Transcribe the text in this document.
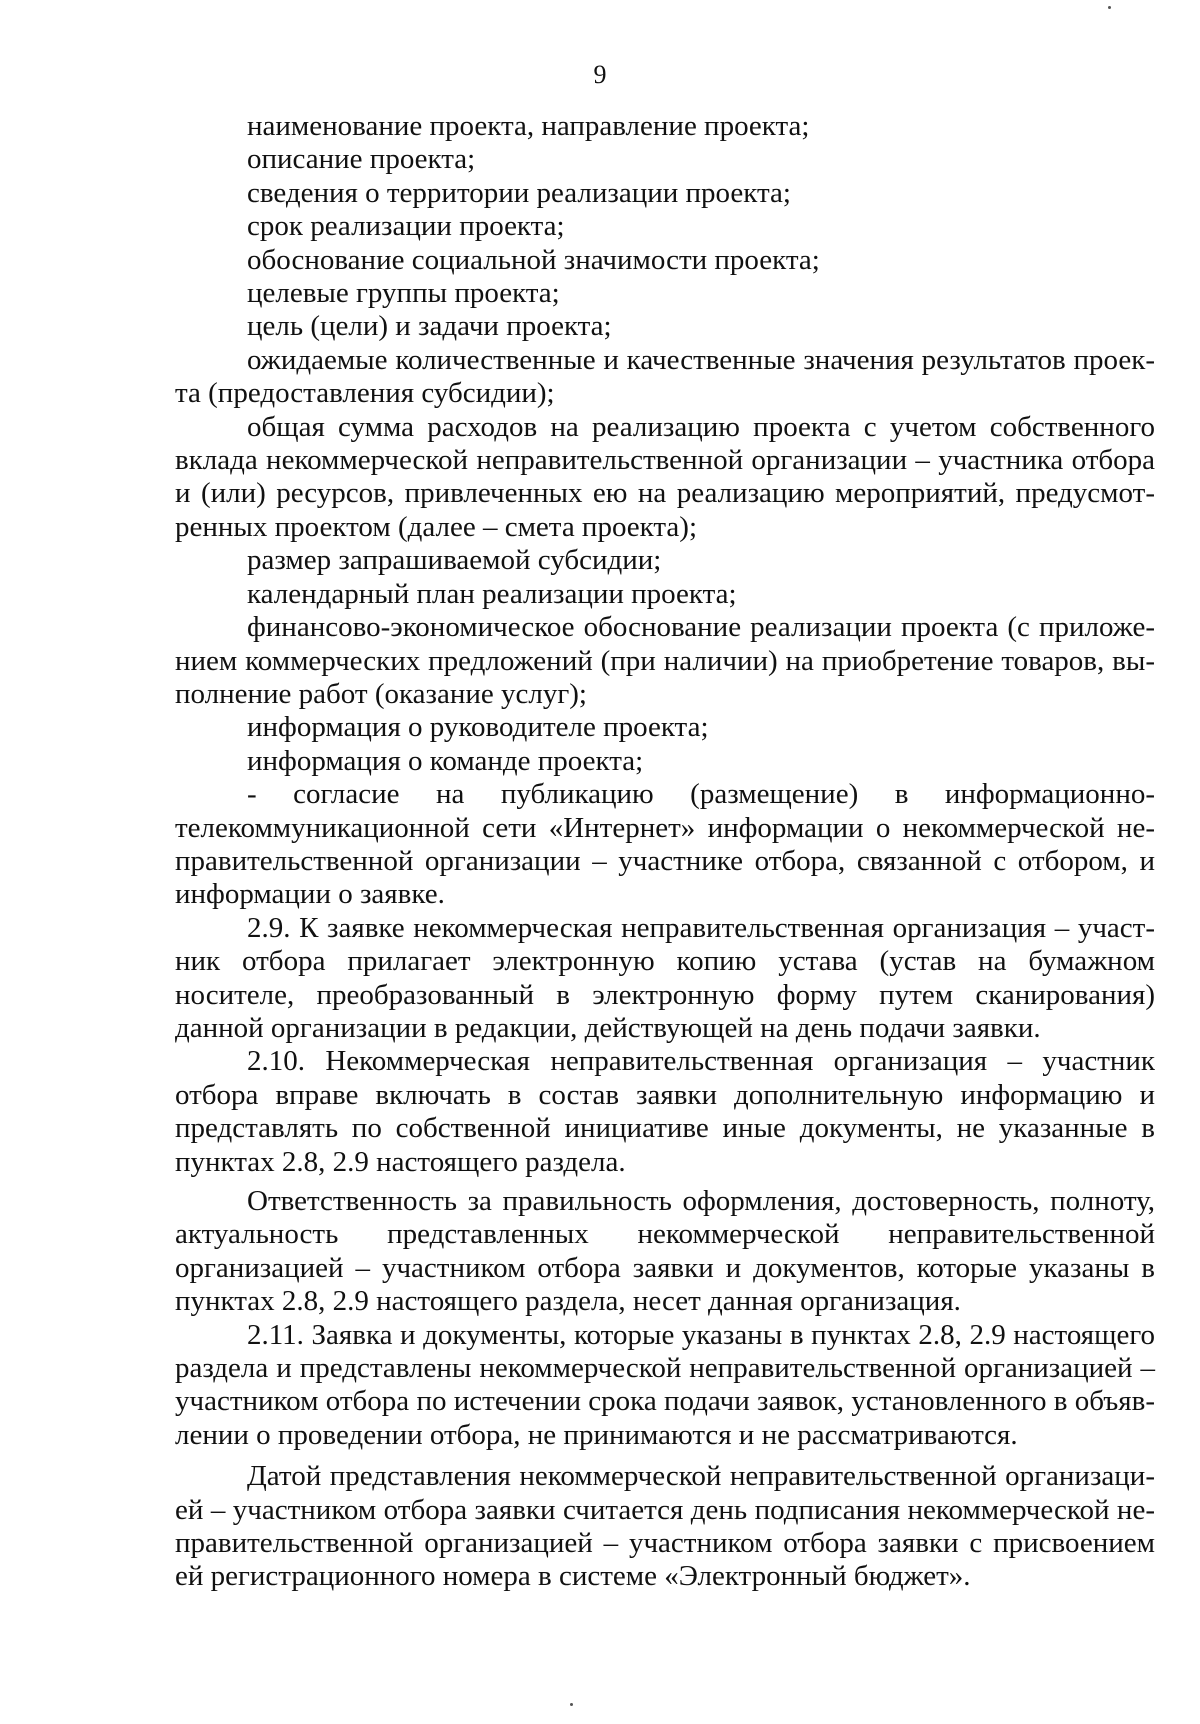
9

наименование проекта, направление проекта;

описание проекта;

сведения о территории реализации проекта;

срок реализации проекта;

обоснование социальной значимости проекта;

целевые группы проекта;

цель (цели) и задачи проекта;

ожидаемые количественные и качественные значения результатов проекта (предоставления субсидии);

общая сумма расходов на реализацию проекта с учетом собственного вклада некоммерческой неправительственной организации – участника отбора и (или) ресурсов, привлеченных ею на реализацию мероприятий, предусмотренных проектом (далее – смета проекта);

размер запрашиваемой субсидии;

календарный план реализации проекта;

финансово-экономическое обоснование реализации проекта (с приложением коммерческих предложений (при наличии) на приобретение товаров, выполнение работ (оказание услуг);

информация о руководителе проекта;

информация о команде проекта;

- согласие на публикацию (размещение) в информационно-телекоммуникационной сети «Интернет» информации о некоммерческой неправительственной организации – участнике отбора, связанной с отбором, и информации о заявке.

2.9. К заявке некоммерческая неправительственная организация – участник отбора прилагает электронную копию устава (устав на бумажном носителе, преобразованный в электронную форму путем сканирования) данной организации в редакции, действующей на день подачи заявки.

2.10. Некоммерческая неправительственная организация – участник отбора вправе включать в состав заявки дополнительную информацию и представлять по собственной инициативе иные документы, не указанные в пунктах 2.8, 2.9 настоящего раздела.

Ответственность за правильность оформления, достоверность, полноту, актуальность представленных некоммерческой неправительственной организацией – участником отбора заявки и документов, которые указаны в пунктах 2.8, 2.9 настоящего раздела, несет данная организация.

2.11. Заявка и документы, которые указаны в пунктах 2.8, 2.9 настоящего раздела и представлены некоммерческой неправительственной организацией – участником отбора по истечении срока подачи заявок, установленного в объявлении о проведении отбора, не принимаются и не рассматриваются.

Датой представления некоммерческой неправительственной организацией – участником отбора заявки считается день подписания некоммерческой неправительственной организацией – участником отбора заявки с присвоением ей регистрационного номера в системе «Электронный бюджет».
